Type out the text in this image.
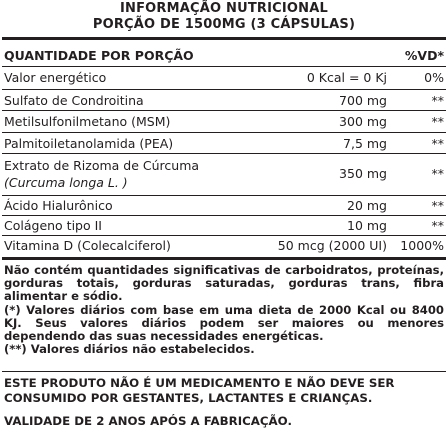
INFORMAÇÃO NUTRICIONAL
PORÇÃO DE 1500MG (3 CÁPSULAS)
QUANTIDADE POR PORÇÃO	%VD*
Valor energético	0 Kcal = 0 Kj	0%
Sulfato de Condroitina	700 mg	**
Metilsulfonilmetano (MSM)	300 mg	**
Palmitoiletanolamida (PEA)	7,5 mg	**
Extrato de Rizoma de Cúrcuma
(Curcuma longa L. )
350 mg	**
Ácido Hialurônico	20 mg	**
Colágeno tipo II	10 mg	**
Vitamina D (Colecalciferol)	50 mcg (2000 UI)	1000%

Não contém quantidades significativas de carboidratos, proteínas, gorduras totais, gorduras saturadas, gorduras trans, fibra alimentar e sódio.

(*) Valores diários com base em uma dieta de 2000 Kcal ou 8400 KJ. Seus valores diários podem ser maiores ou menores dependendo das suas necessidades energéticas.

(**) Valores diários não estabelecidos.

ESTE PRODUTO NÃO É UM MEDICAMENTO E NÃO DEVE SER CONSUMIDO POR GESTANTES, LACTANTES E CRIANÇAS.

VALIDADE DE 2 ANOS APÓS A FABRICAÇÃO.
